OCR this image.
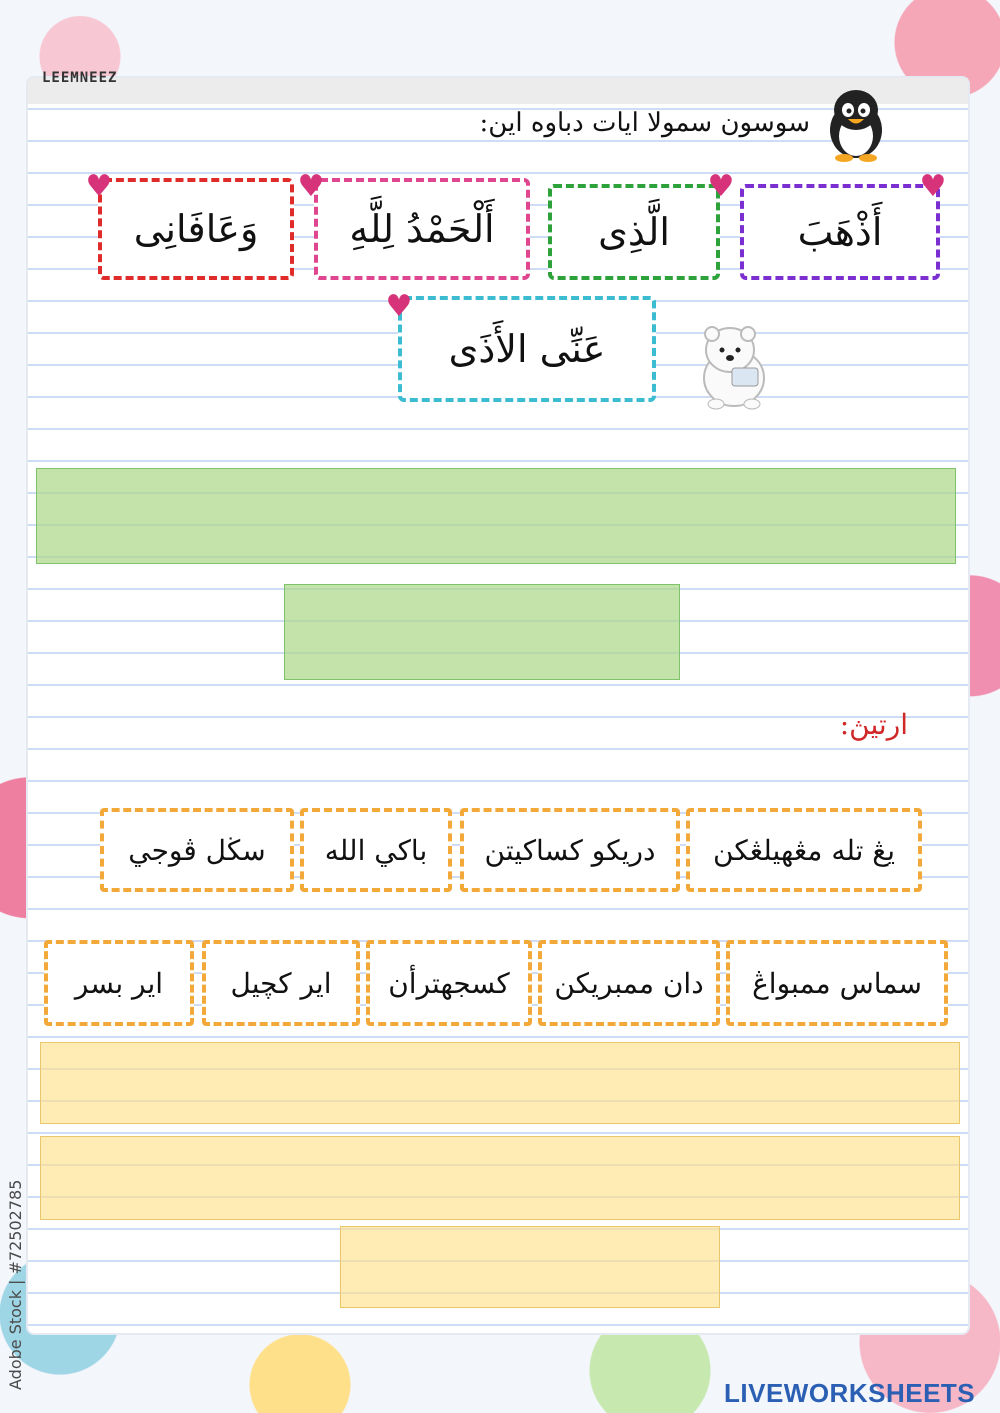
LEEMNEEZ
سوسون سمولا ايات دباوه اين:
أَذْهَبَ
♥
الَّذِى
♥
أَلْحَمْدُ لِلَّهِ
♥
وَعَافَانِى
♥
عَنِّى الأَذَى
♥
ارتيڽ:
يڠ تله مڠهيلڠكن
دريكو كساكيتن
باكي الله
سڬل ڤوجي
سماس ممبواڠ
دان ممبريكن
كسجهترأن
اير كچيل
اير بسر
Adobe Stock | #72502785
LIVEWORKSHEETS
